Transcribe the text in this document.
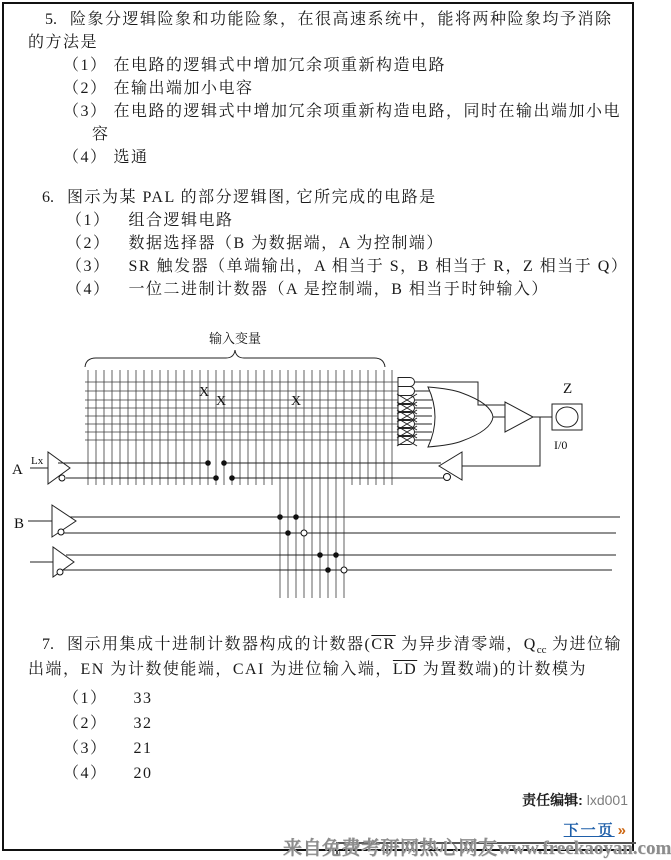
5. 险象分逻辑险象和功能险象，在很高速系统中，能将两种险象均予消除
的方法是
（1） 在电路的逻辑式中增加冗余项重新构造电路
（2） 在输出端加小电容
（3） 在电路的逻辑式中增加冗余项重新构造电路，同时在输出端加小电
容
（4） 选通
6. 图示为某 PAL 的部分逻辑图, 它所完成的电路是
（1） 组合逻辑电路
（2） 数据选择器（B 为数据端，A 为控制端）
（3） SR 触发器（单端输出，A 相当于 S，B 相当于 R，Z 相当于 Q）
（4） 一位二进制计数器（A 是控制端，B 相当于时钟输入）
输入变量
X
X	X
Z
I/0
A
Lx
B
7. 图示用集成十进制计数器构成的计数器($\overline{CR}$ 为异步清零端，$Q_{cc}$ 为进位输
出端，EN 为计数使能端，CAI 为进位输入端，$\overline{LD}$ 为置数端)的计数模为
（1） 33
（2） 32
（3） 21
（4） 20
责任编辑: lxd001
下一页 »
来自免费考研网热心网友www.freekaoyan.com
